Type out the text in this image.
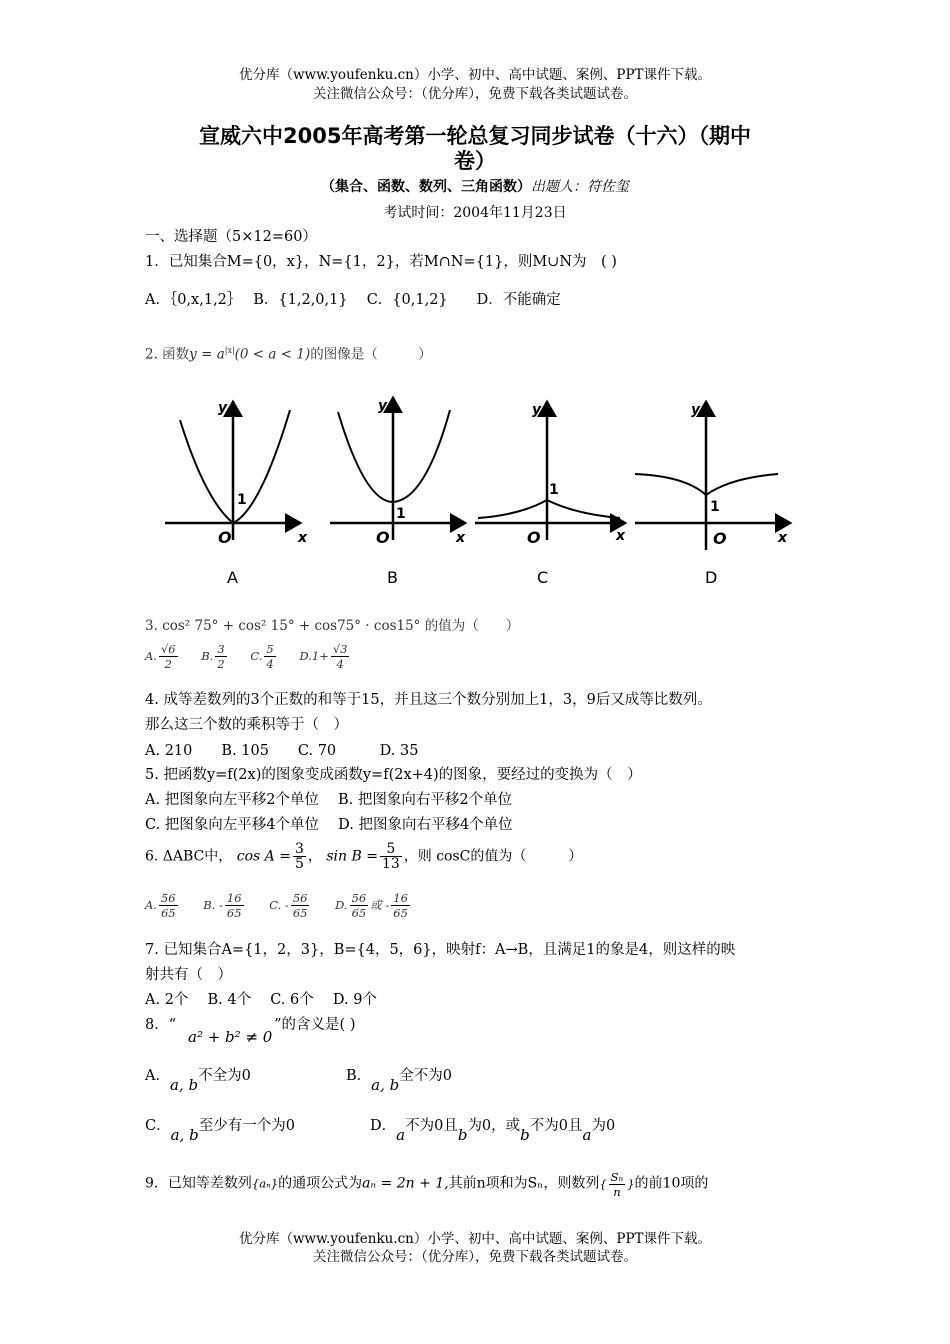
优分库（www.youfenku.cn）小学、初中、高中试题、案例、PPT课件下载。
关注微信公众号：（优分库），免费下载各类试题试卷。
宣威六中2005年高考第一轮总复习同步试卷（十六）（期中
卷）
（集合、函数、数列、三角函数）出题人：符佐玺
考试时间：2004年11月23日
一、选择题（5×12=60）
1．已知集合M={0，x}，N={1，2}，若M∩N={1}，则M∪N为　( )
A．｛0,x,1,2｝　 B．{1,2,0,1}　 C．{0,1,2}　　D．不能确定
2. 函数$y = a^{|x|}(0 < a < 1)$的图像是（　　　）
y
x
O
1
y
x
O
1
y
x
O
1
y
x
O
1
A	B	C	D
3. cos² 75° + cos² 15° + cos75° · cos15° 的值为（　　）
A. $\frac{√6}{2} B$. $\frac{3}{2} C$. $\frac{5}{4} D.1+ \frac{√3}{4}$
4. 成等差数列的3个正数的和等于15，并且这三个数分别加上1，3，9后又成等比数列。
那么这三个数的乘积等于（　）
A. 210　　B. 105　　C. 70　　　D. 35
5. 把函数y=f(2x)的图象变成函数y=f(2x+4)的图象，要经过的变换为（　）
A. 把图象向左平移2个单位　 B. 把图象向右平移2个单位
C. 把图象向左平移4个单位　 D. 把图象向右平移4个单位
6. ΔABC中， $\cos A = \frac{3}{5}$ ， $\sin B = \frac{5}{13}$ ，则 cosC的值为（　　　）
A. $\frac{56}{65} B$. - $\frac{16}{65} C$. - $\frac{56}{65} D$. $\frac{56}{65}$ 或 - $\frac{16}{65}$
7. 已知集合A={1，2，3}，B={4，5，6}，映射f：A→B，且满足1的象是4，则这样的映
射共有（　）
A. 2个　 B. 4个　 C. 6个　 D. 9个
8．“	”的含义是( )
a² + b² ≠ 0
A．a, b不全为0	B．a, b全不为0
C．a, b至少有一个为0	D．a不为0且b为0，或b不为0且a为0
9．已知等差数列{aₙ}的通项公式为aₙ = 2n + 1,其前n项和为Sₙ，则数列{ $\frac{\text{Sₙ}}{n}$ }的前10项的
优分库（www.youfenku.cn）小学、初中、高中试题、案例、PPT课件下载。
关注微信公众号：（优分库），免费下载各类试题试卷。
